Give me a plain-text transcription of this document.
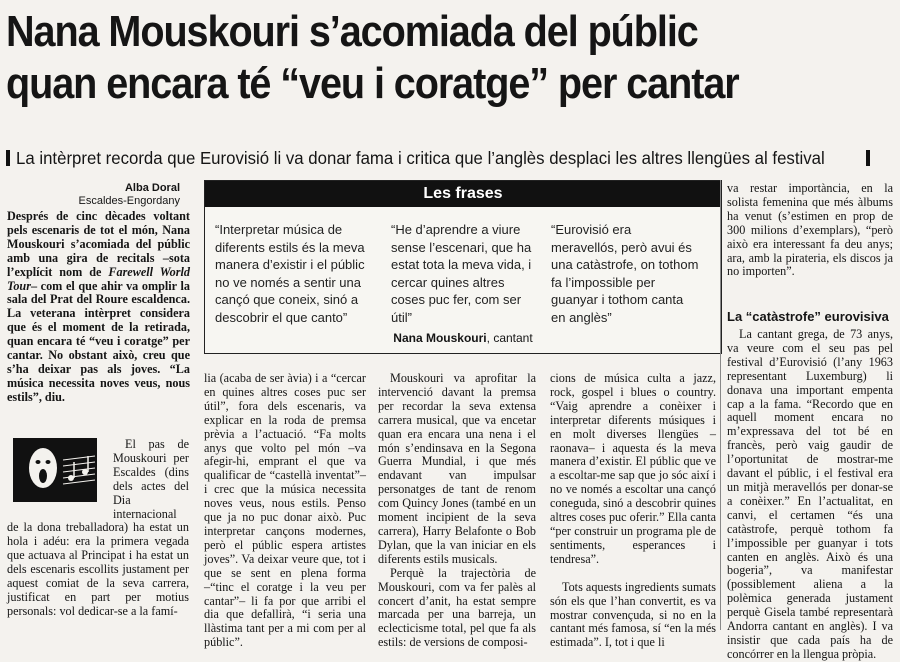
Nana Mouskouri s’acomiada del públic
quan encara té “veu i coratge” per cantar
La intèrpret recorda que Eurovisió li va donar fama i critica que l’anglès desplaci les altres llengües al festival
Alba Doral
Escaldes-Engordany
Després de cinc dècades voltant pels escenaris de tot el món, Nana Mouskouri s’acomiada del públic amb una gira de recitals –sota l’explícit nom de Farewell World Tour– com el que ahir va omplir la sala del Prat del Roure escaldenca. La veterana intèrpret considera que és el moment de la retirada, quan encara té “veu i coratge” per cantar. No obstant això, creu que s’ha deixar pas als joves. “La música necessita noves veus, nous estils”, diu.
Les frases
“Interpretar música de diferents estils és la meva manera d’existir i el públic no ve només a sentir una cançó que coneix, sinó a descobrir el que canto”
“He d’aprendre a viure sense l’escenari, que ha estat tota la meva vida, i cercar quines altres coses puc fer, com ser útil”
“Eurovisió era meravellós, però avui és una catàstrofe, on tothom fa l’impossible per guanyar i tothom canta en anglès”
Nana Mouskouri, cantant

El pas de Mouskouri per Escaldes (dins dels actes del Dia internacional de la dona treballadora) ha estat un hola i adéu: era la primera vegada que actuava al Principat i ha estat un dels escenaris escollits justament per aquest comiat de la seva carrera, justificat en part per motius personals: vol dedicar-se a la famí-

lia (acaba de ser àvia) i a “cercar en quines altres coses puc ser útil”, fora dels escenaris, va explicar en la roda de premsa prèvia a l’actuació. “Fa molts anys que volto pel món –va afegir-hi, emprant el que va qualificar de “castellà inventat”– i crec que la música necessita noves veus, nous estils. Penso que ja no puc donar això. Puc interpretar cançons modernes, però el públic espera artistes joves”. Va deixar veure que, tot i que se sent en plena forma –“tinc el coratge i la veu per cantar”– li fa por que arribi el dia que defallirà, “i seria una llàstima tant per a mi com per al públic”.

Mouskouri va aprofitar la intervenció davant la premsa per recordar la seva extensa carrera musical, que va encetar quan era encara una nena i el món s’endinsava en la Segona Guerra Mundial, i que més endavant van impulsar personatges de tant de renom com Quincy Jones (també en un moment incipient de la seva carrera), Harry Belafonte o Bob Dylan, que la van iniciar en els diferents estils musicals.

Perquè la trajectòria de Mouskouri, com va fer palès al concert d’anit, ha estat sempre marcada per una barreja, un eclecticisme total, pel que fa als estils: de versions de composi-

cions de música culta a jazz, rock, gospel i blues o country. “Vaig aprendre a conèixer i interpretar diferents músiques i en molt diverses llengües –raonava– i aquesta és la meva manera d’existir. El públic que ve a escoltar-me sap que jo sóc així i no ve només a escoltar una cançó coneguda, sinó a descobrir quines altres coses puc oferir.” Ella canta “per construir un programa ple de sentiments, esperances i tendresa”.

Tots aquests ingredients sumats són els que l’han convertit, es va mostrar convençuda, si no en la cantant més famosa, sí “en la més estimada”. I, tot i que li

va restar importància, en la solista femenina que més àlbums ha venut (s’estimen en prop de 300 milions d’exemplars), “però això era interessant fa deu anys; ara, amb la pirateria, els discos ja no importen”.

La “catàstrofe” eurovisiva

La cantant grega, de 73 anys, va veure com el seu pas pel festival d’Eurovisió (l’any 1963 representant Luxemburg) li donava una important empenta cap a la fama. “Recordo que en aquell moment encara no m’expressava del tot bé en francès, però vaig gaudir de l’oportunitat de mostrar-me davant el públic, i el festival era un mitjà meravellós per donar-se a conèixer.” En l’actualitat, en canvi, el certamen “és una catàstrofe, perquè tothom fa l’impossible per guanyar i tots canten en anglès. Això és una bogeria”, va manifestar (possiblement aliena a la polèmica generada justament perquè Gisela també representarà Andorra cantant en anglès). I va insistir que cada país ha de concórrer en la llengua pròpia.
